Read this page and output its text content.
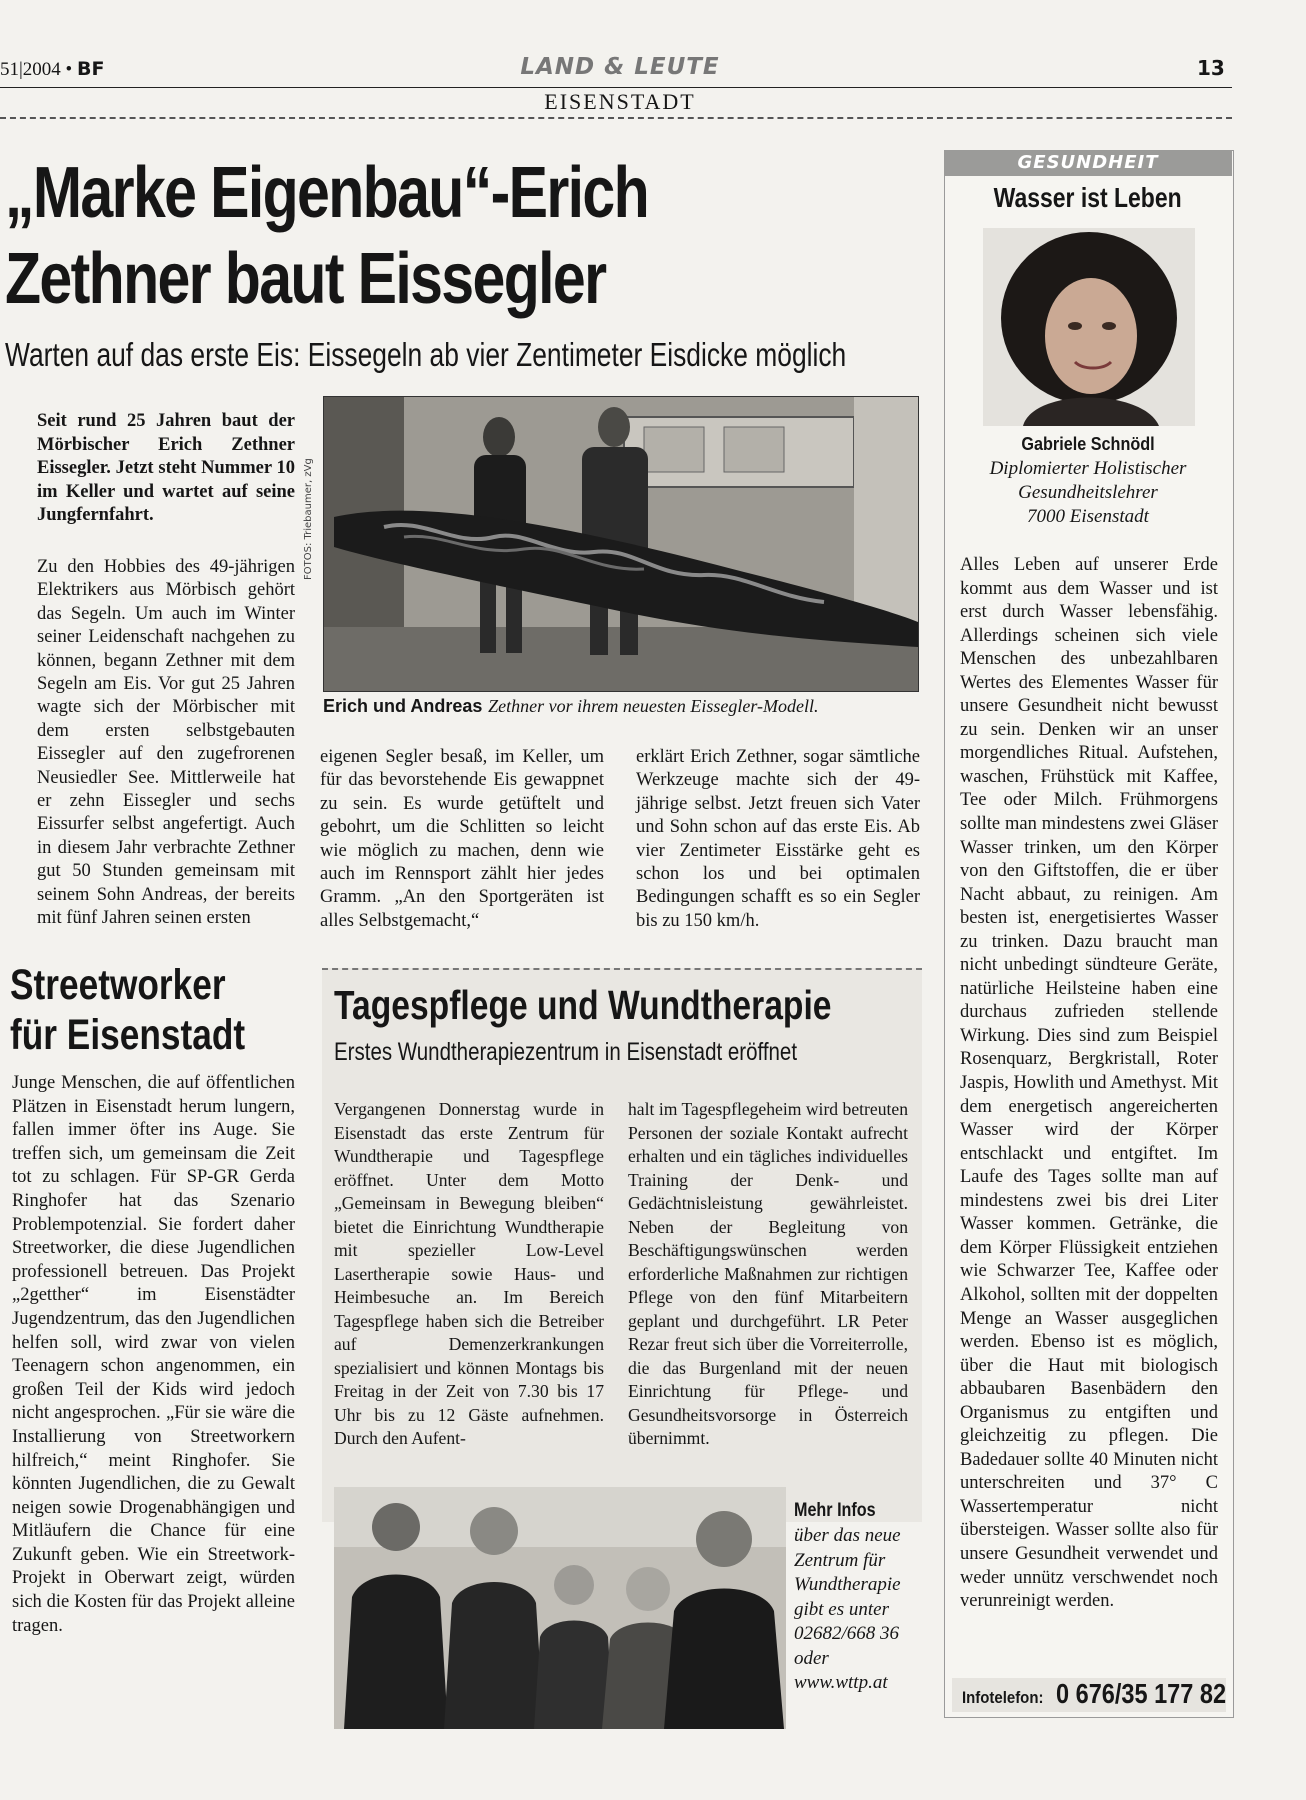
51|2004 • BF	LAND & LEUTE	13
EISENSTADT
„Marke Eigenbau“-Erich Zethner baut Eissegler
Warten auf das erste Eis: Eissegeln ab vier Zentimeter Eisdicke möglich

Seit rund 25 Jahren baut der Mörbischer Erich Zethner Eissegler. Jetzt steht Nummer 10 im Keller und wartet auf seine Jungfernfahrt.

Zu den Hobbies des 49-jährigen Elektrikers aus Mörbisch gehört das Segeln. Um auch im Winter seiner Leidenschaft nachgehen zu können, begann Zethner mit dem Segeln am Eis. Vor gut 25 Jahren wagte sich der Mörbischer mit dem ersten selbstgebauten Eissegler auf den zugefrorenen Neusiedler See. Mittlerweile hat er zehn Eissegler und sechs Eissurfer selbst angefertigt. Auch in diesem Jahr verbrachte Zethner gut 50 Stunden gemeinsam mit seinem Sohn Andreas, der bereits mit fünf Jahren seinen ersten

FOTOS: Triebaumer, zVg
Erich und Andreas Zethner vor ihrem neuesten Eissegler-Modell.

eigenen Segler besaß, im Keller, um für das bevorstehende Eis gewappnet zu sein. Es wurde getüftelt und gebohrt, um die Schlitten so leicht wie möglich zu machen, denn wie auch im Rennsport zählt hier jedes Gramm. „An den Sportgeräten ist alles Selbstgemacht,“

erklärt Erich Zethner, sogar sämtliche Werkzeuge machte sich der 49-jährige selbst. Jetzt freuen sich Vater und Sohn schon auf das erste Eis. Ab vier Zentimeter Eisstärke geht es schon los und bei optimalen Bedingungen schafft es so ein Segler bis zu 150 km/h.

Streetworker für Eisenstadt

Junge Menschen, die auf öffentlichen Plätzen in Eisenstadt herum lungern, fallen immer öfter ins Auge. Sie treffen sich, um gemeinsam die Zeit tot zu schlagen. Für SP-GR Gerda Ringhofer hat das Szenario Problempotenzial. Sie fordert daher Streetworker, die diese Jugendlichen professionell betreuen. Das Projekt „2getther“ im Eisenstädter Jugendzentrum, das den Jugendlichen helfen soll, wird zwar von vielen Teenagern schon angenommen, ein großen Teil der Kids wird jedoch nicht angesprochen. „Für sie wäre die Installierung von Streetworkern hilfreich,“ meint Ringhofer. Sie könnten Jugendlichen, die zu Gewalt neigen sowie Drogenabhängigen und Mitläufern die Chance für eine Zukunft geben. Wie ein Streetwork-Projekt in Oberwart zeigt, würden sich die Kosten für das Projekt alleine tragen.

Tagespflege und Wundtherapie
Erstes Wundtherapiezentrum in Eisenstadt eröffnet

Vergangenen Donnerstag wurde in Eisenstadt das erste Zentrum für Wundtherapie und Tagespflege eröffnet. Unter dem Motto „Gemeinsam in Bewegung bleiben“ bietet die Einrichtung Wundtherapie mit spezieller Low-Level Lasertherapie sowie Haus- und Heimbesuche an. Im Bereich Tagespflege haben sich die Betreiber auf Demenzerkrankungen spezialisiert und können Montags bis Freitag in der Zeit von 7.30 bis 17 Uhr bis zu 12 Gäste aufnehmen. Durch den Aufent-

halt im Tagespflegeheim wird betreuten Personen der soziale Kontakt aufrecht erhalten und ein tägliches individuelles Training der Denk- und Gedächtnisleistung gewährleistet. Neben der Begleitung von Beschäftigungswünschen werden erforderliche Maßnahmen zur richtigen Pflege von den fünf Mitarbeitern geplant und durchgeführt. LR Peter Rezar freut sich über die Vorreiterrolle, die das Burgenland mit der neuen Einrichtung für Pflege- und Gesundheitsvorsorge in Österreich übernimmt.

Mehr Infos

über das neue Zentrum für Wundtherapie gibt es unter 02682/668 36 oder www.wttp.at

GESUNDHEIT
Wasser ist Leben
Gabriele Schnödl
Diplomierter Holistischer
Gesundheitslehrer
7000 Eisenstadt

Alles Leben auf unserer Erde kommt aus dem Wasser und ist erst durch Wasser lebensfähig. Allerdings scheinen sich viele Menschen des unbezahlbaren Wertes des Elementes Wasser für unsere Gesundheit nicht bewusst zu sein. Denken wir an unser morgendliches Ritual. Aufstehen, waschen, Frühstück mit Kaffee, Tee oder Milch. Frühmorgens sollte man mindestens zwei Gläser Wasser trinken, um den Körper von den Giftstoffen, die er über Nacht abbaut, zu reinigen. Am besten ist, energetisiertes Wasser zu trinken. Dazu braucht man nicht unbedingt sündteure Geräte, natürliche Heilsteine haben eine durchaus zufrieden stellende Wirkung. Dies sind zum Beispiel Rosenquarz, Bergkristall, Roter Jaspis, Howlith und Amethyst. Mit dem energetisch angereicherten Wasser wird der Körper entschlackt und entgiftet. Im Laufe des Tages sollte man auf mindestens zwei bis drei Liter Wasser kommen. Getränke, die dem Körper Flüssigkeit entziehen wie Schwarzer Tee, Kaffee oder Alkohol, sollten mit der doppelten Menge an Wasser ausgeglichen werden. Ebenso ist es möglich, über die Haut mit biologisch abbaubaren Basenbädern den Organismus zu entgiften und gleichzeitig zu pflegen. Die Badedauer sollte 40 Minuten nicht unterschreiten und 37° C Wassertemperatur nicht übersteigen. Wasser sollte also für unsere Gesundheit verwendet und weder unnütz verschwendet noch verunreinigt werden.

Infotelefon: 0 676/35 177 82
